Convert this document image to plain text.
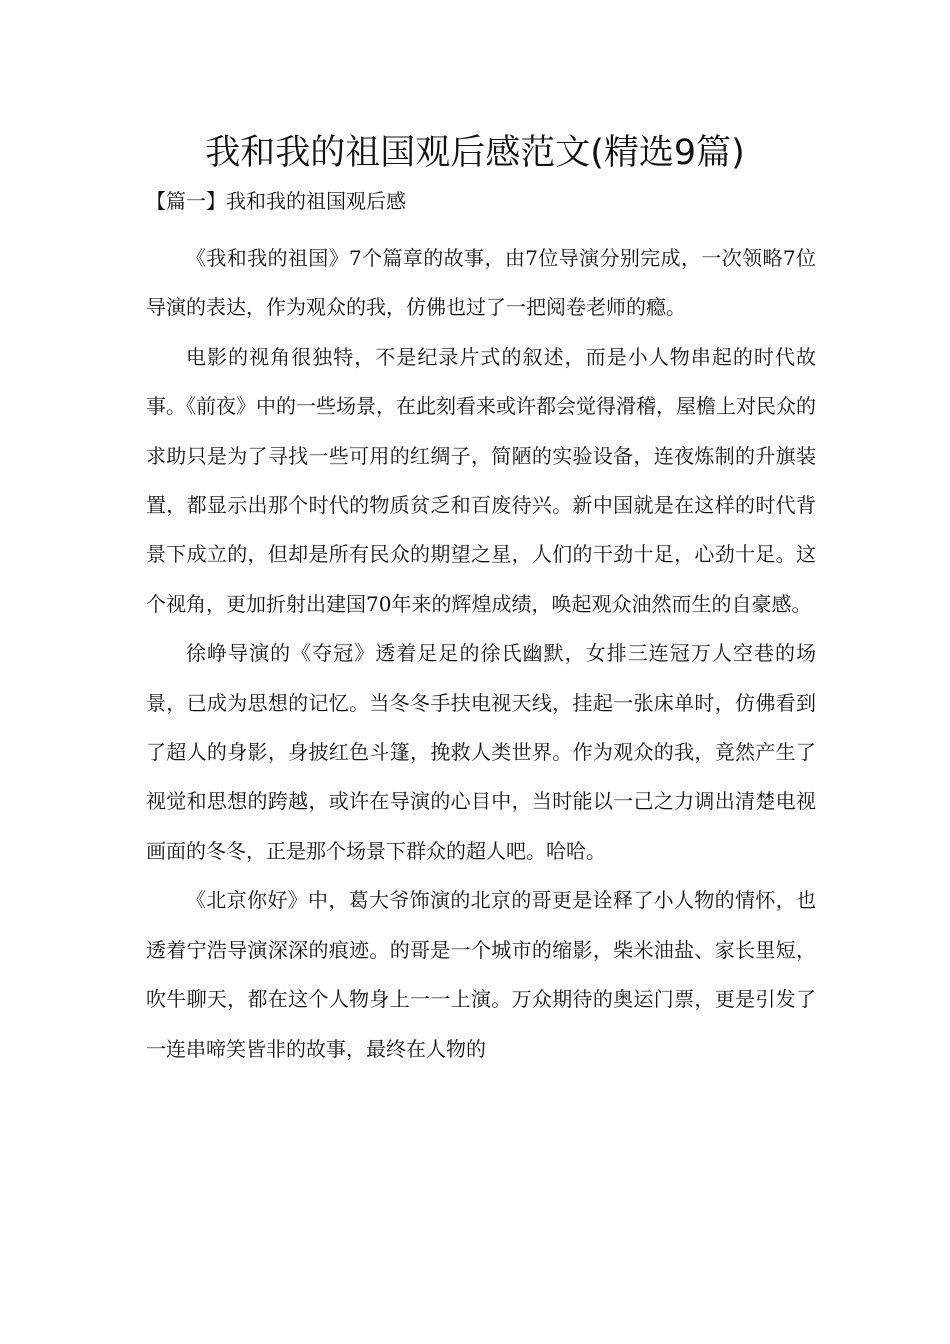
我和我的祖国观后感范文(精选9篇)
【篇一】我和我的祖国观后感

《我和我的祖国》7个篇章的故事，由7位导演分别完成，一次领略7位导演的表达，作为观众的我，仿佛也过了一把阅卷老师的瘾。

电影的视角很独特，不是纪录片式的叙述，而是小人物串起的时代故事。《前夜》中的一些场景，在此刻看来或许都会觉得滑稽，屋檐上对民众的求助只是为了寻找一些可用的红绸子，简陋的实验设备，连夜炼制的升旗装置，都显示出那个时代的物质贫乏和百废待兴。新中国就是在这样的时代背景下成立的，但却是所有民众的期望之星，人们的干劲十足，心劲十足。这个视角，更加折射出建国70年来的辉煌成绩，唤起观众油然而生的自豪感。

徐峥导演的《夺冠》透着足足的徐氏幽默，女排三连冠万人空巷的场景，已成为思想的记忆。当冬冬手扶电视天线，挂起一张床单时，仿佛看到了超人的身影，身披红色斗篷，挽救人类世界。作为观众的我，竟然产生了视觉和思想的跨越，或许在导演的心目中，当时能以一己之力调出清楚电视画面的冬冬，正是那个场景下群众的超人吧。哈哈。

《北京你好》中，葛大爷饰演的北京的哥更是诠释了小人物的情怀，也透着宁浩导演深深的痕迹。的哥是一个城市的缩影，柴米油盐、家长里短，吹牛聊天，都在这个人物身上一一上演。万众期待的奥运门票，更是引发了一连串啼笑皆非的故事，最终在人物的
